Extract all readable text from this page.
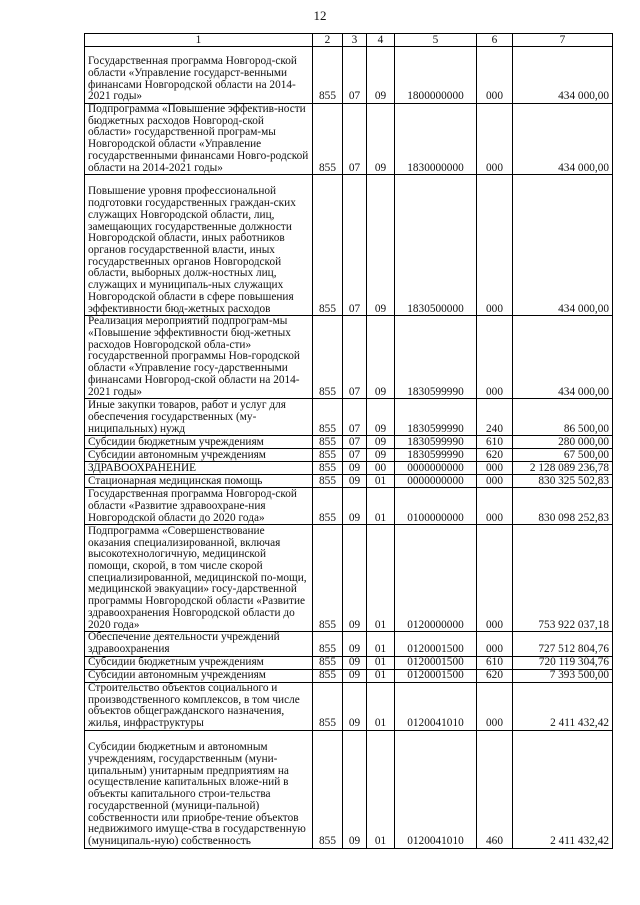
12
1	2	3	4	5	6	7
Государственная программа Новгород-ской области «Управление государст-венными финансами Новгородской области на 2014-2021 годы»	855	07	09	1800000000	000	434 000,00
Подпрограмма «Повышение эффектив-ности бюджетных расходов Новгород-ской области» государственной програм-мы Новгородской области «Управление государственными финансами Новго-родской области на 2014-2021 годы»	855	07	09	1830000000	000	434 000,00
Повышение уровня профессиональной подготовки государственных граждан-ских служащих Новгородской области, лиц, замещающих государственные должности Новгородской области, иных работников органов государственной власти, иных государственных органов Новгородской области, выборных долж-ностных лиц, служащих и муниципаль-ных служащих Новгородской области в сфере повышения эффективности бюд-жетных расходов	855	07	09	1830500000	000	434 000,00
Реализация мероприятий подпрограм-мы «Повышение эффективности бюд-жетных расходов Новгородской обла-сти» государственной программы Нов-городской области «Управление госу-дарственными финансами Новгород-ской области на 2014-2021 годы»	855	07	09	1830599990	000	434 000,00
Иные закупки товаров, работ и услуг для обеспечения государственных (му-ниципальных) нужд	855	07	09	1830599990	240	86 500,00
Субсидии бюджетным учреждениям	855	07	09	1830599990	610	280 000,00
Субсидии автономным учреждениям	855	07	09	1830599990	620	67 500,00
ЗДРАВООХРАНЕНИЕ	855	09	00	0000000000	000	2 128 089 236,78
Стационарная медицинская помощь	855	09	01	0000000000	000	830 325 502,83
Государственная программа Новгород-ской области «Развитие здравоохране-ния Новгородской области до 2020 года»	855	09	01	0100000000	000	830 098 252,83
Подпрограмма «Совершенствование оказания специализированной, включая высокотехнологичную, медицинской помощи, скорой, в том числе скорой специализированной, медицинской по-мощи, медицинской эвакуации» госу-дарственной программы Новгородской области «Развитие здравоохранения Новгородской области до 2020 года»	855	09	01	0120000000	000	753 922 037,18
Обеспечение деятельности учреждений здравоохранения	855	09	01	0120001500	000	727 512 804,76
Субсидии бюджетным учреждениям	855	09	01	0120001500	610	720 119 304,76
Субсидии автономным учреждениям	855	09	01	0120001500	620	7 393 500,00
Строительство объектов социального и производственного комплексов, в том числе объектов общегражданского назначения, жилья, инфраструктуры	855	09	01	0120041010	000	2 411 432,42
Субсидии бюджетным и автономным учреждениям, государственным (муни-ципальным) унитарным предприятиям на осуществление капитальных вложе-ний в объекты капитального строи-тельства государственной (муници-пальной) собственности или приобре-тение объектов недвижимого имуще-ства в государственную (муниципаль-ную) собственность	855	09	01	0120041010	460	2 411 432,42
